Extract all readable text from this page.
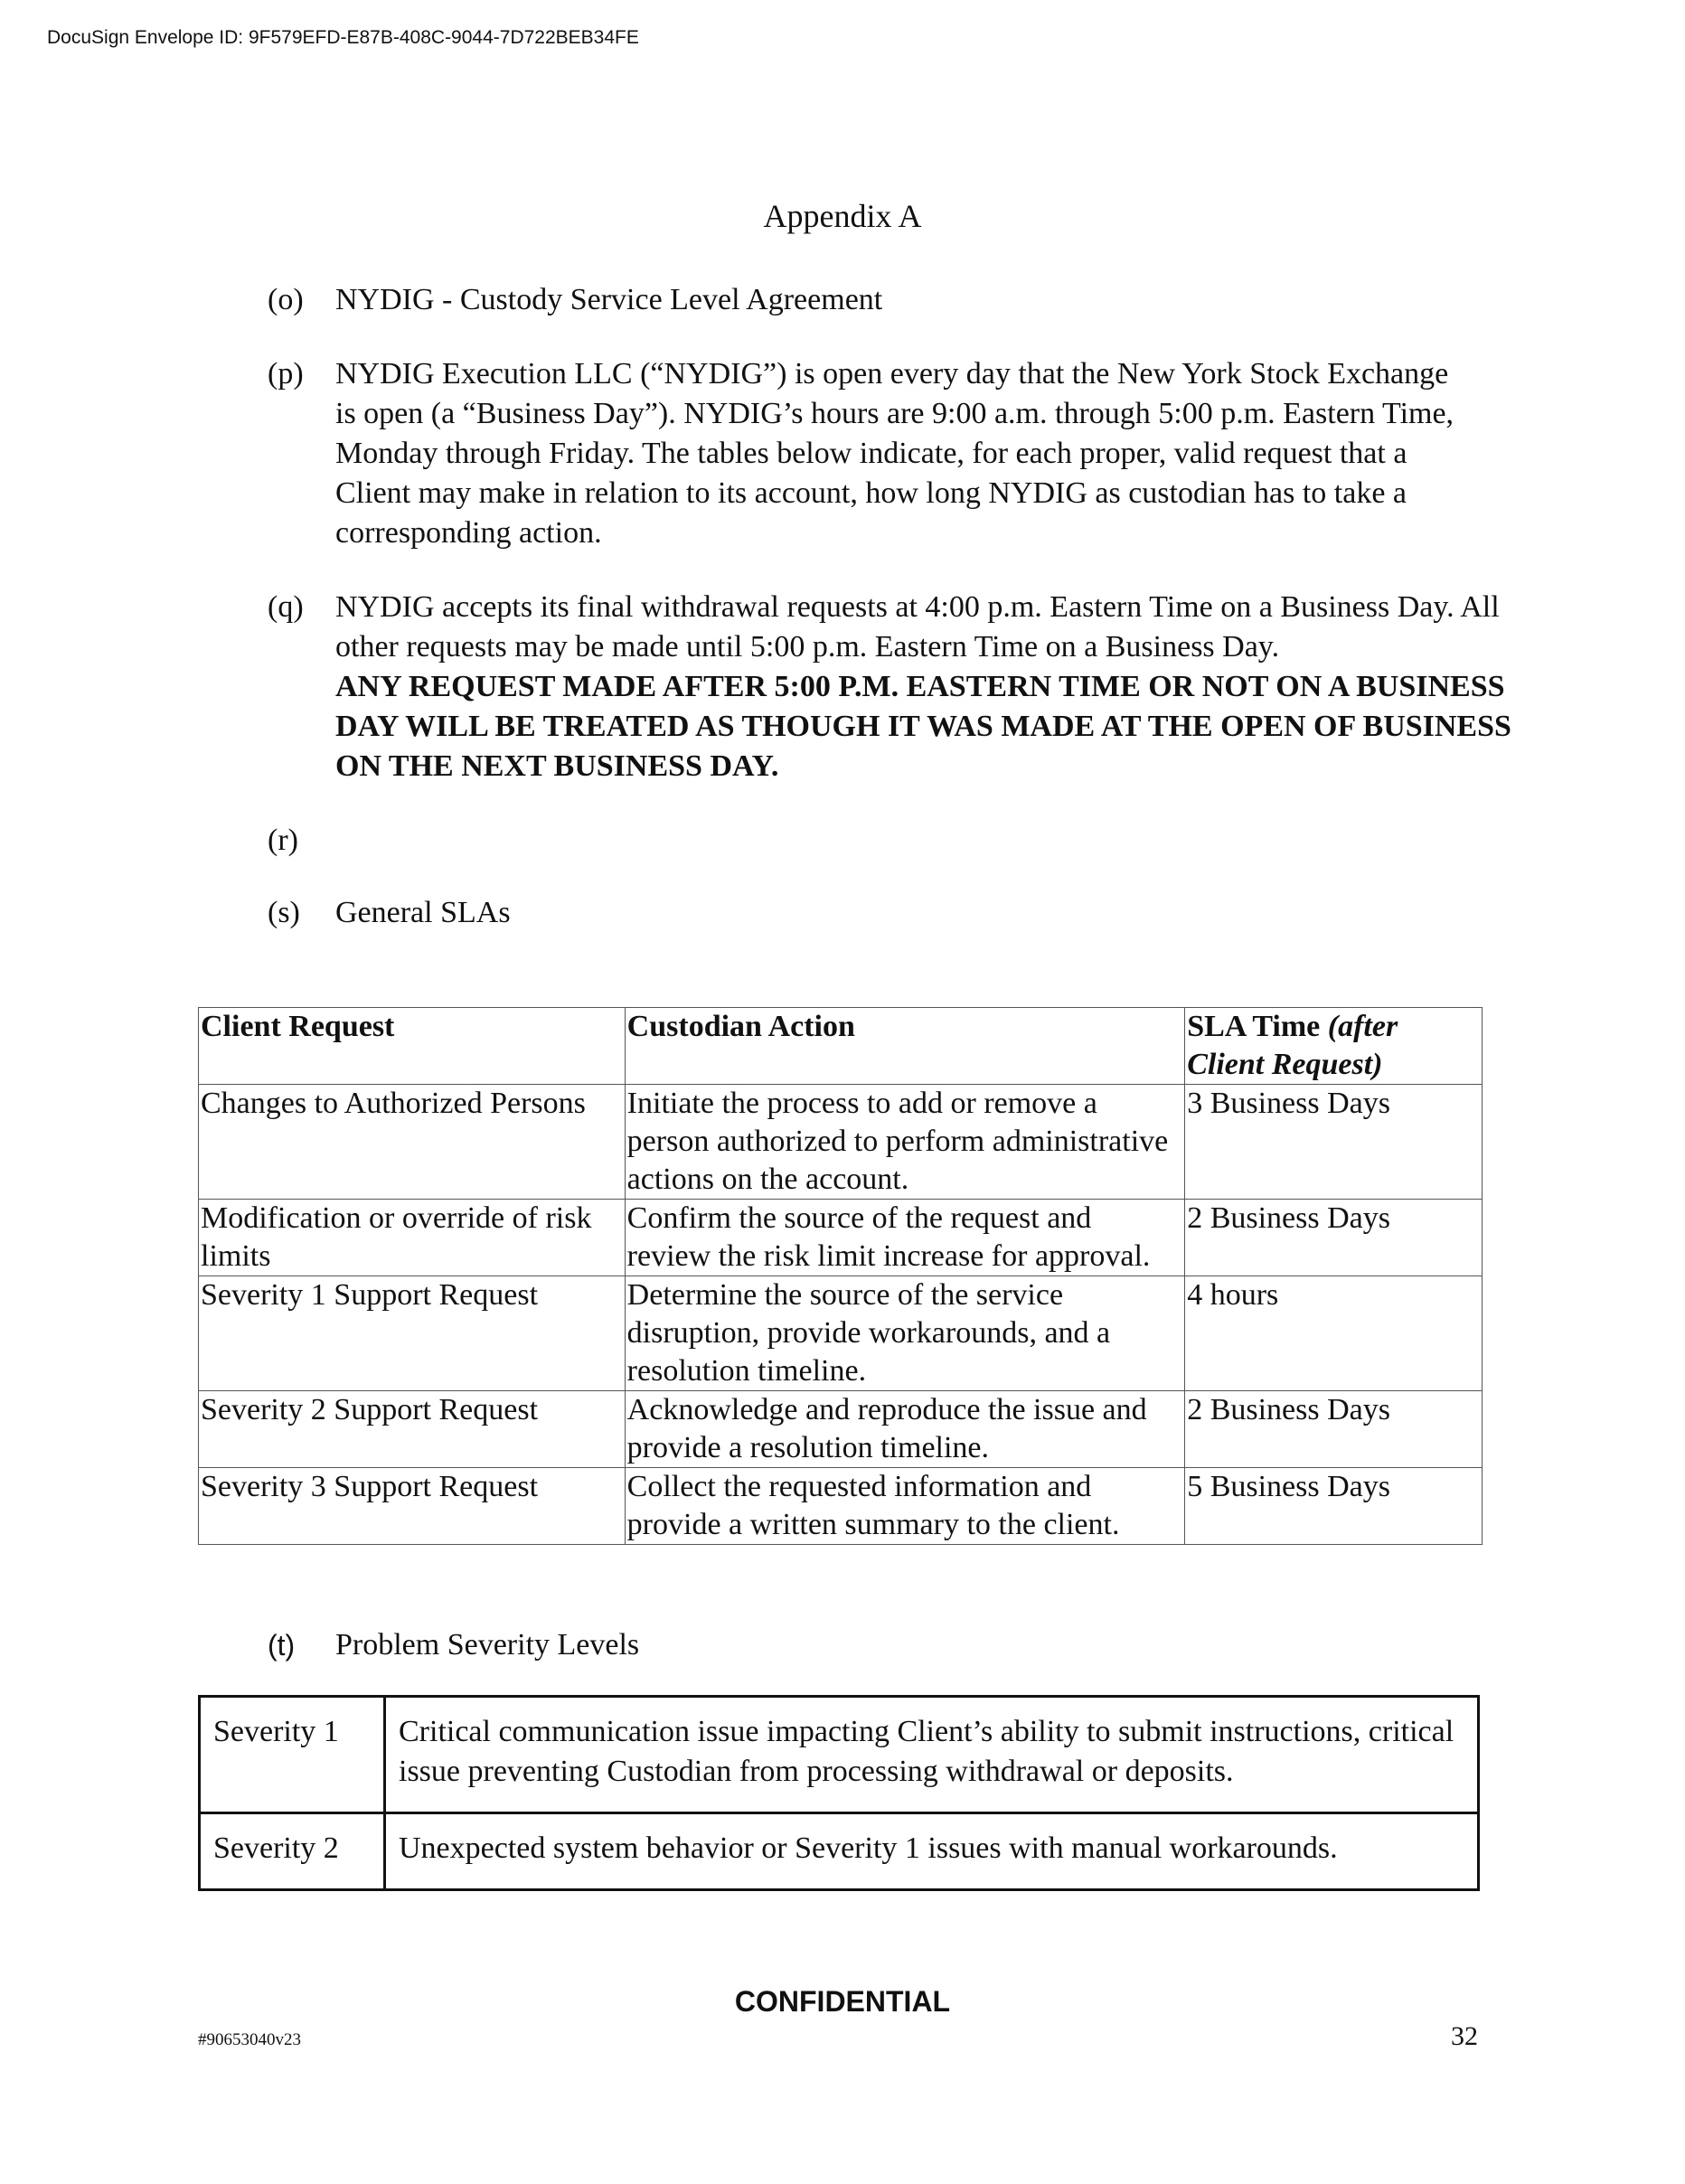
DocuSign Envelope ID: 9F579EFD-E87B-408C-9044-7D722BEB34FE
Appendix A
(o)	NYDIG - Custody Service Level Agreement
(p)	NYDIG Execution LLC (“NYDIG”) is open every day that the New York Stock Exchange is open (a “Business Day”). NYDIG’s hours are 9:00 a.m. through 5:00 p.m. Eastern Time, Monday through Friday. The tables below indicate, for each proper, valid request that a Client may make in relation to its account, how long NYDIG as custodian has to take a corresponding action.
(q)	NYDIG accepts its final withdrawal requests at 4:00 p.m. Eastern Time on a Business Day. All other requests may be made until 5:00 p.m. Eastern Time on a Business Day.
ANY REQUEST MADE AFTER 5:00 P.M. EASTERN TIME OR NOT ON A BUSINESS DAY WILL BE TREATED AS THOUGH IT WAS MADE AT THE OPEN OF BUSINESS ON THE NEXT BUSINESS DAY.
(r)
(s)	General SLAs
Client Request	Custodian Action	SLA Time (after Client Request)
Changes to Authorized Persons	Initiate the process to add or remove a person authorized to perform administrative actions on the account.	3 Business Days
Modification or override of risk limits	Confirm the source of the request and review the risk limit increase for approval.	2 Business Days
Severity 1 Support Request	Determine the source of the service disruption, provide workarounds, and a resolution timeline.	4 hours
Severity 2 Support Request	Acknowledge and reproduce the issue and provide a resolution timeline.	2 Business Days
Severity 3 Support Request	Collect the requested information and provide a written summary to the client.	5 Business Days
(t)	Problem Severity Levels
Severity 1	Critical communication issue impacting Client’s ability to submit instructions, critical issue preventing Custodian from processing withdrawal or deposits.
Severity 2	Unexpected system behavior or Severity 1 issues with manual workarounds.
CONFIDENTIAL
#90653040v23	32
